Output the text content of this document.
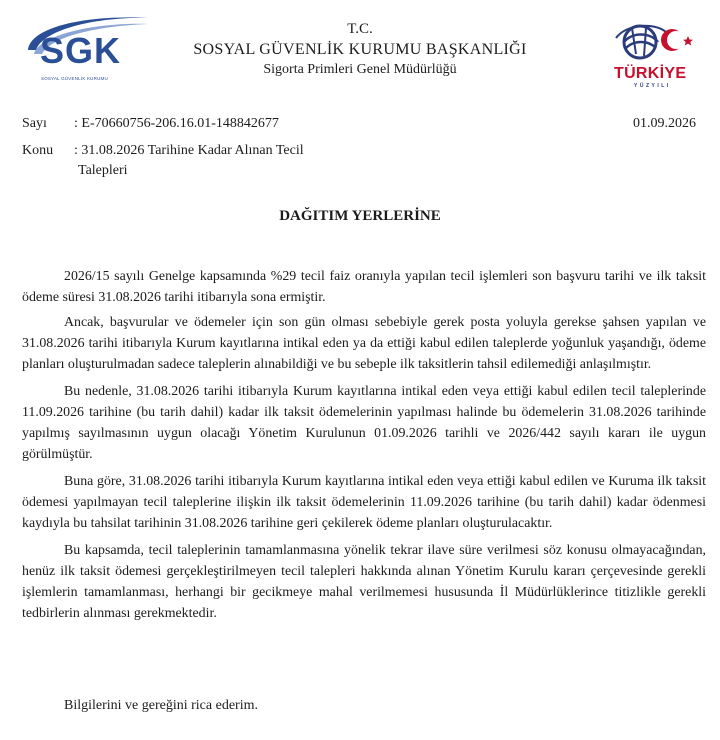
SGK
SOSYAL GÜVENLİK KURUMU
T.C.
SOSYAL GÜVENLİK KURUMU BAŞKANLIĞI
Sigorta Primleri Genel Müdürlüğü	TÜRKİYE
YÜZYILI
Sayı : E-70660756-206.16.01-148842677
Konu : 31.08.2026 Tarihine Kadar Alınan Tecil
Talepleri
01.09.2026
DAĞITIM YERLERİNE

2026/15 sayılı Genelge kapsamında %29 tecil faiz oranıyla yapılan tecil işlemleri son başvuru tarihi ve ilk taksit ödeme süresi 31.08.2026 tarihi itibarıyla sona ermiştir.

Ancak, başvurular ve ödemeler için son gün olması sebebiyle gerek posta yoluyla gerekse şahsen yapılan ve 31.08.2026 tarihi itibarıyla Kurum kayıtlarına intikal eden ya da ettiği kabul edilen taleplerde yoğunluk yaşandığı, ödeme planları oluşturulmadan sadece taleplerin alınabildiği ve bu sebeple ilk taksitlerin tahsil edilemediği anlaşılmıştır.

Bu nedenle, 31.08.2026 tarihi itibarıyla Kurum kayıtlarına intikal eden veya ettiği kabul edilen tecil taleplerinde 11.09.2026 tarihine (bu tarih dahil) kadar ilk taksit ödemelerinin yapılması halinde bu ödemelerin 31.08.2026 tarihinde yapılmış sayılmasının uygun olacağı Yönetim Kurulunun 01.09.2026 tarihli ve 2026/442 sayılı kararı ile uygun görülmüştür.

Buna göre, 31.08.2026 tarihi itibarıyla Kurum kayıtlarına intikal eden veya ettiği kabul edilen ve Kuruma ilk taksit ödemesi yapılmayan tecil taleplerine ilişkin ilk taksit ödemelerinin 11.09.2026 tarihine (bu tarih dahil) kadar ödenmesi kaydıyla bu tahsilat tarihinin 31.08.2026 tarihine geri çekilerek ödeme planları oluşturulacaktır.

Bu kapsamda, tecil taleplerinin tamamlanmasına yönelik tekrar ilave süre verilmesi söz konusu olmayacağından, henüz ilk taksit ödemesi gerçekleştirilmeyen tecil talepleri hakkında alınan Yönetim Kurulu kararı çerçevesinde gerekli işlemlerin tamamlanması, herhangi bir gecikmeye mahal verilmemesi hususunda İl Müdürlüklerince titizlikle gerekli tedbirlerin alınması gerekmektedir.

Bilgilerini ve gereğini rica ederim.
